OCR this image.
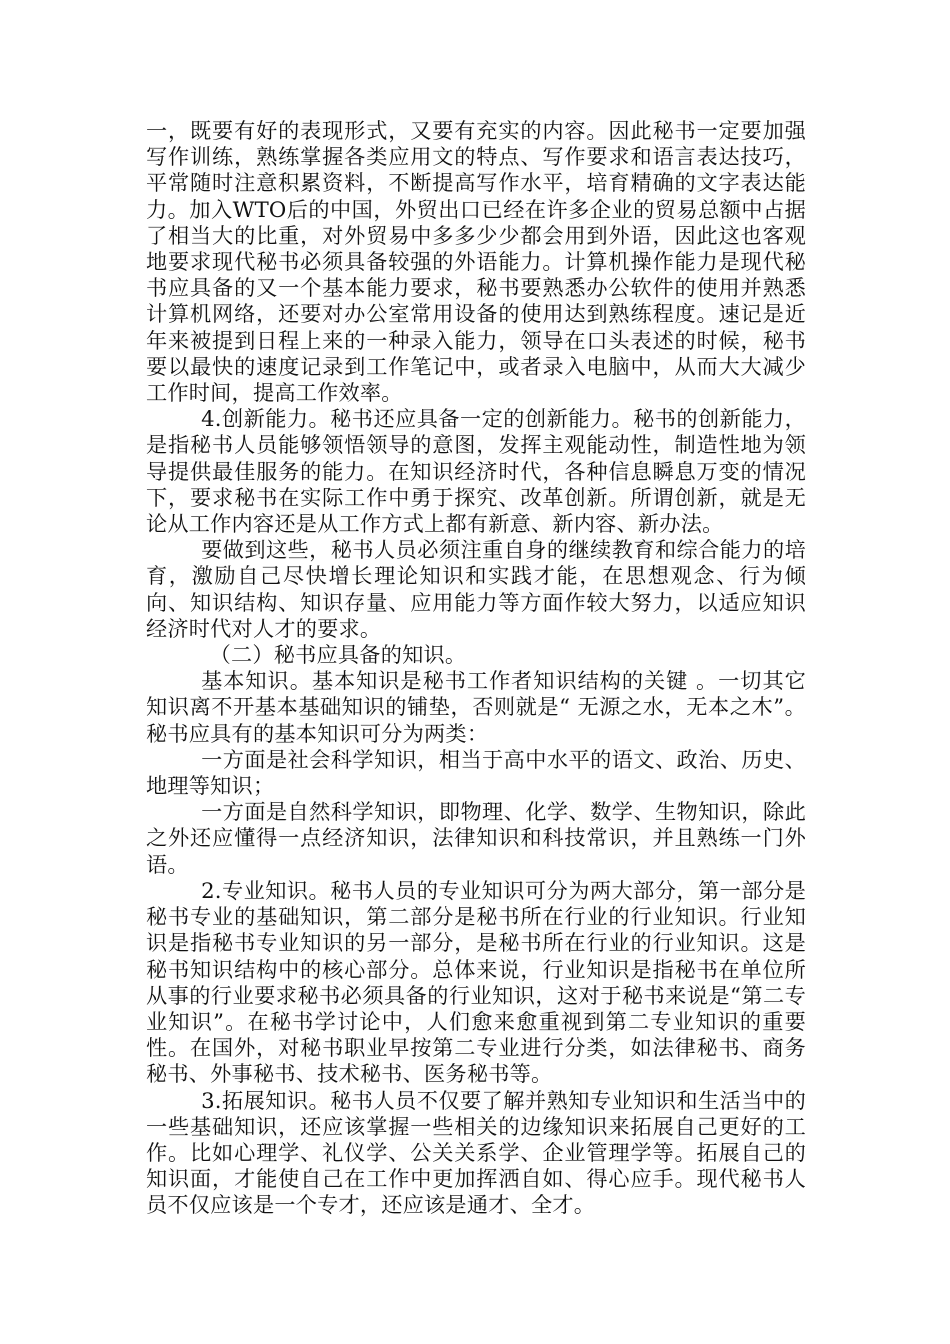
一，既要有好的表现形式，又要有充实的内容。因此秘书一定要加强写作训练，熟练掌握各类应用文的特点、写作要求和语言表达技巧，平常随时注意积累资料，不断提高写作水平，培育精确的文字表达能力。加入WTO后的中国，外贸出口已经在许多企业的贸易总额中占据了相当大的比重，对外贸易中多多少少都会用到外语，因此这也客观地要求现代秘书必须具备较强的外语能力。计算机操作能力是现代秘书应具备的又一个基本能力要求，秘书要熟悉办公软件的使用并熟悉计算机网络，还要对办公室常用设备的使用达到熟练程度。速记是近年来被提到日程上来的一种录入能力，领导在口头表述的时候，秘书要以最快的速度记录到工作笔记中，或者录入电脑中，从而大大减少工作时间，提高工作效率。

4.创新能力。秘书还应具备一定的创新能力。秘书的创新能力，是指秘书人员能够领悟领导的意图，发挥主观能动性，制造性地为领导提供最佳服务的能力。在知识经济时代，各种信息瞬息万变的情况下，要求秘书在实际工作中勇于探究、改革创新。所谓创新，就是无论从工作内容还是从工作方式上都有新意、新内容、新办法。

要做到这些，秘书人员必须注重自身的继续教育和综合能力的培育，激励自己尽快增长理论知识和实践才能，在思想观念、行为倾向、知识结构、知识存量、应用能力等方面作较大努力，以适应知识经济时代对人才的要求。

（二）秘书应具备的知识。

基本知识。基本知识是秘书工作者知识结构的关键 。一切其它知识离不开基本基础知识的铺垫，否则就是“ 无源之水，无本之木”。秘书应具有的基本知识可分为两类：

一方面是社会科学知识，相当于高中水平的语文、政治、历史、地理等知识；

一方面是自然科学知识，即物理、化学、数学、生物知识，除此之外还应懂得一点经济知识，法律知识和科技常识，并且熟练一门外语。

2.专业知识。秘书人员的专业知识可分为两大部分，第一部分是秘书专业的基础知识，第二部分是秘书所在行业的行业知识。行业知识是指秘书专业知识的另一部分，是秘书所在行业的行业知识。这是秘书知识结构中的核心部分。总体来说，行业知识是指秘书在单位所从事的行业要求秘书必须具备的行业知识，这对于秘书来说是“第二专业知识”。在秘书学讨论中，人们愈来愈重视到第二专业知识的重要性。在国外，对秘书职业早按第二专业进行分类，如法律秘书、商务秘书、外事秘书、技术秘书、医务秘书等。

3.拓展知识。秘书人员不仅要了解并熟知专业知识和生活当中的一些基础知识，还应该掌握一些相关的边缘知识来拓展自己更好的工作。比如心理学、礼仪学、公关关系学、企业管理学等。拓展自己的知识面，才能使自己在工作中更加挥洒自如、得心应手。现代秘书人员不仅应该是一个专才，还应该是通才、全才。
